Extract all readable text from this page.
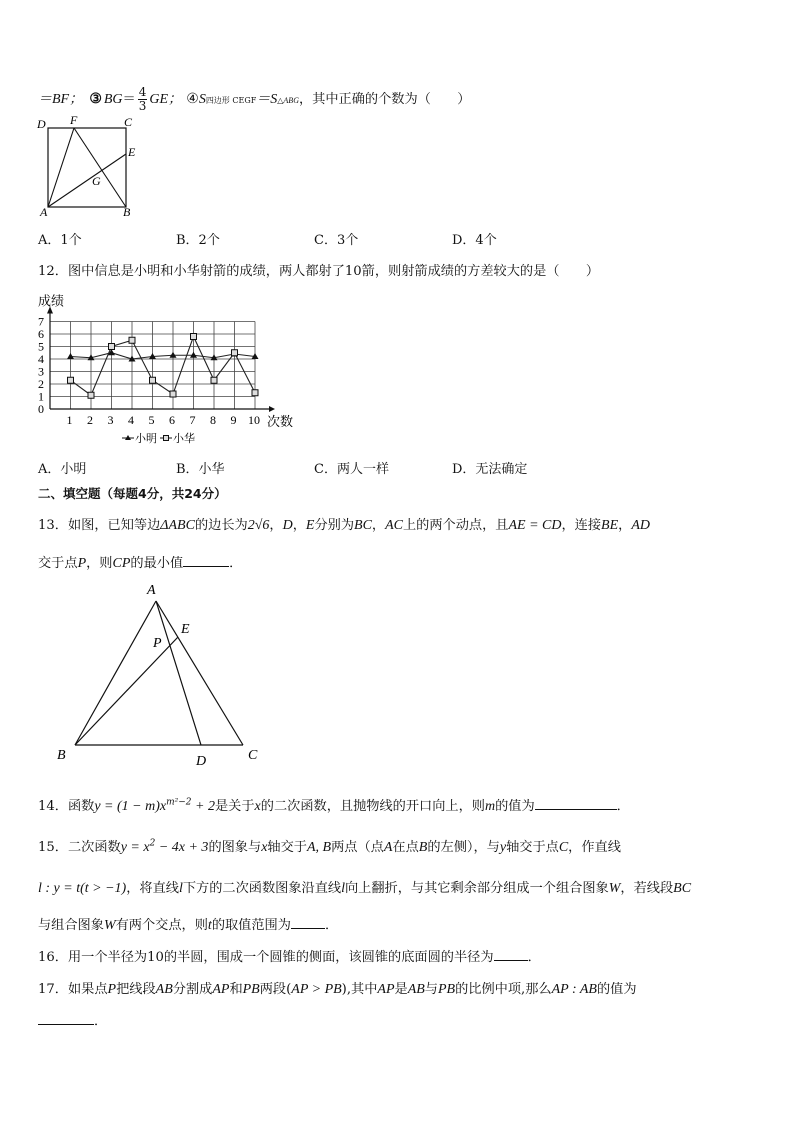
＝BF； ③ $BG= \frac{4}{3}$ GE； ④S四边形 CEGF＝S△ABG，其中正确的个数为（　　）
D F	C
E
G
A	B
A．1个	B．2个	C．3个	D．4个
12．图中信息是小明和小华射箭的成绩，两人都射了10箭，则射箭成绩的方差较大的是（　　）
0
1
2
3
4
5
6
7
1 2 3 4 5 6 7 8 9 10
成绩
次数
小明 小华
A．小明	B．小华	C．两人一样	D．无法确定
二、填空题（每题4分，共24分）
13．如图，已知等边ΔABC的边长为2√6，D，E分别为BC，AC上的两个动点，且AE = CD，连接BE，AD
交于点P，则CP的最小值	．
A
E
P
B	D	C
14．函数$y = (1 - m)x^{m^2-2} + 2$是关于x的二次函数，且抛物线的开口向上，则m的值为	．
15．二次函数$y = x^2 - 4x + 3$的图象与x轴交于A, B两点（点A在点B的左侧），与y轴交于点C，作直线
l : y = t(t > −1)，将直线l下方的二次函数图象沿直线l向上翻折，与其它剩余部分组成一个组合图象W，若线段BC
与组合图象W有两个交点，则t的取值范围为	．
16．用一个半径为10的半圆，围成一个圆锥的侧面，该圆锥的底面圆的半径为	．
17．如果点P把线段AB分割成AP和PB两段(AP > PB),其中AP是AB与PB的比例中项,那么AP : AB的值为
．
